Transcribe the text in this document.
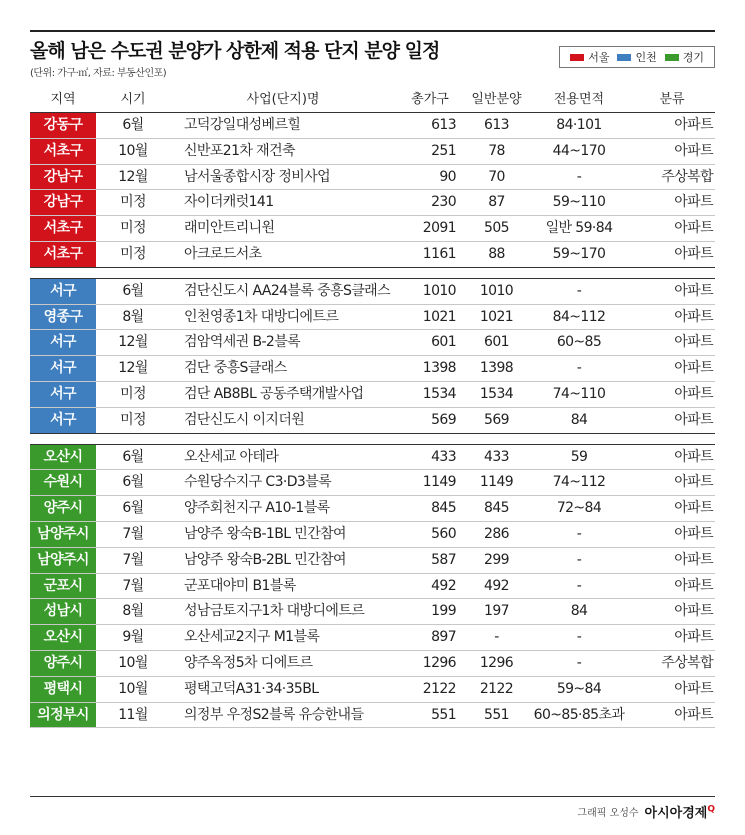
올해 남은 수도권 분양가 상한제 적용 단지 분양 일정
(단위: 가구·㎡, 자료: 부동산인포)
서울 인천 경기
지역	시기	사업(단지)명	총가구	일반분양	전용면적	분류
강동구	6월	고덕강일대성베르힐	613	613	84·101	아파트
서초구	10월	신반포21차 재건축	251	78	44~170	아파트
강남구	12월	남서울종합시장 정비사업	90	70	-	주상복합
강남구	미정	자이더캐럿141	230	87	59~110	아파트
서초구	미정	래미안트리니원	2091	505	일반 59·84	아파트
서초구	미정	아크로드서초	1161	88	59~170	아파트
서구	6월	검단신도시 AA24블록 중흥S클래스	1010	1010	-	아파트
영종구	8월	인천영종1차 대방디에트르	1021	1021	84~112	아파트
서구	12월	검암역세권 B-2블록	601	601	60~85	아파트
서구	12월	검단 중흥S클래스	1398	1398	-	아파트
서구	미정	검단 AB8BL 공동주택개발사업	1534	1534	74~110	아파트
서구	미정	검단신도시 이지더원	569	569	84	아파트
오산시	6월	오산세교 아테라	433	433	59	아파트
수원시	6월	수원당수지구 C3·D3블록	1149	1149	74~112	아파트
양주시	6월	양주회천지구 A10-1블록	845	845	72~84	아파트
남양주시	7월	남양주 왕숙B-1BL 민간참여	560	286	-	아파트
남양주시	7월	남양주 왕숙B-2BL 민간참여	587	299	-	아파트
군포시	7월	군포대야미 B1블록	492	492	-	아파트
성남시	8월	성남금토지구1차 대방디에트르	199	197	84	아파트
오산시	9월	오산세교2지구 M1블록	897	-	-	아파트
양주시	10월	양주옥정5차 디에트르	1296	1296	-	주상복합
평택시	10월	평택고덕A31·34·35BL	2122	2122	59~84	아파트
의정부시	11월	의정부 우정S2블록 유승한내들	551	551	60~85·85초과	아파트
그래픽 오성수 아시아경제$^Q$
